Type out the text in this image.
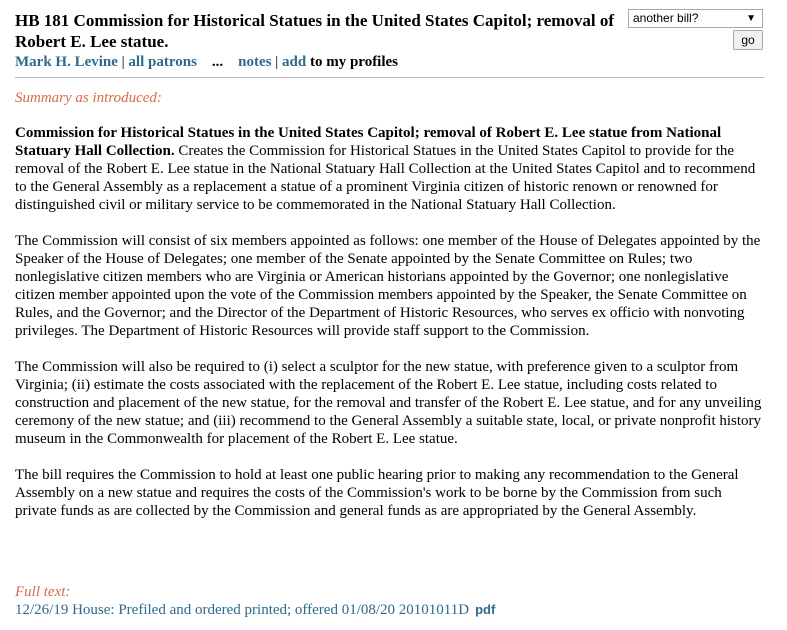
HB 181 Commission for Historical Statues in the United States Capitol; removal of Robert E. Lee statue.
Mark H. Levine | all patrons ... notes | add to my profiles
another bill?	▼
go
Summary as introduced:

Commission for Historical Statues in the United States Capitol; removal of Robert E. Lee statue from National Statuary Hall Collection. Creates the Commission for Historical Statues in the United States Capitol to provide for the removal of the Robert E. Lee statue in the National Statuary Hall Collection at the United States Capitol and to recommend to the General Assembly as a replacement a statue of a prominent Virginia citizen of historic renown or renowned for distinguished civil or military service to be commemorated in the National Statuary Hall Collection.

The Commission will consist of six members appointed as follows: one member of the House of Delegates appointed by the Speaker of the House of Delegates; one member of the Senate appointed by the Senate Committee on Rules; two nonlegislative citizen members who are Virginia or American historians appointed by the Governor; one nonlegislative citizen member appointed upon the vote of the Commission members appointed by the Speaker, the Senate Committee on Rules, and the Governor; and the Director of the Department of Historic Resources, who serves ex officio with nonvoting privileges. The Department of Historic Resources will provide staff support to the Commission.

The Commission will also be required to (i) select a sculptor for the new statue, with preference given to a sculptor from Virginia; (ii) estimate the costs associated with the replacement of the Robert E. Lee statue, including costs related to construction and placement of the new statue, for the removal and transfer of the Robert E. Lee statue, and for any unveiling ceremony of the new statue; and (iii) recommend to the General Assembly a suitable state, local, or private nonprofit history museum in the Commonwealth for placement of the Robert E. Lee statue.

The bill requires the Commission to hold at least one public hearing prior to making any recommendation to the General Assembly on a new statue and requires the costs of the Commission's work to be borne by the Commission from such private funds as are collected by the Commission and general funds as are appropriated by the General Assembly.

Full text:
12/26/19 House: Prefiled and ordered printed; offered 01/08/20 20101011D pdf
